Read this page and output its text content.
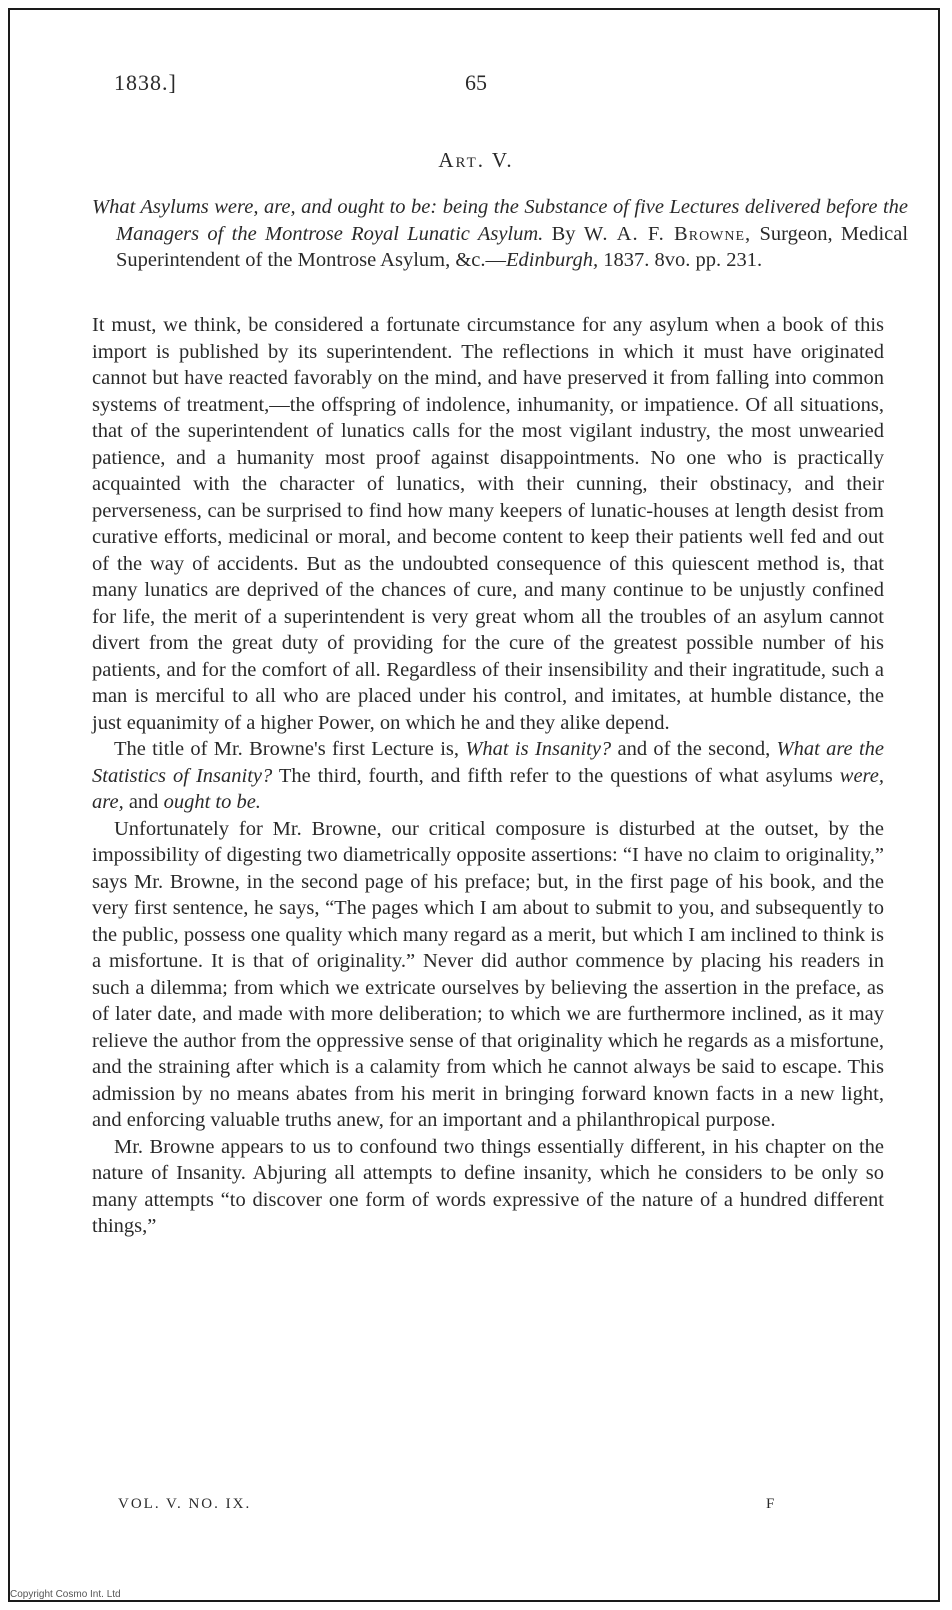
1838.]	65
Art. V.
What Asylums were, are, and ought to be: being the Substance of five Lectures delivered before the Managers of the Montrose Royal Lunatic Asylum. By W. A. F. Browne, Surgeon, Medical Superintendent of the Montrose Asylum, &c.—Edinburgh, 1837. 8vo. pp. 231.

It must, we think, be considered a fortunate circumstance for any asylum when a book of this import is published by its superintendent. The reflections in which it must have originated cannot but have reacted favorably on the mind, and have preserved it from falling into common systems of treatment,—the offspring of indolence, inhumanity, or impatience. Of all situations, that of the superintendent of lunatics calls for the most vigilant industry, the most unwearied patience, and a humanity most proof against disappointments. No one who is practically acquainted with the character of lunatics, with their cunning, their obstinacy, and their perverseness, can be surprised to find how many keepers of lunatic-houses at length desist from curative efforts, medicinal or moral, and become content to keep their patients well fed and out of the way of accidents. But as the undoubted consequence of this quiescent method is, that many lunatics are deprived of the chances of cure, and many continue to be unjustly confined for life, the merit of a superintendent is very great whom all the troubles of an asylum cannot divert from the great duty of providing for the cure of the greatest possible number of his patients, and for the comfort of all. Regardless of their insensibility and their ingratitude, such a man is merciful to all who are placed under his control, and imitates, at humble distance, the just equanimity of a higher Power, on which he and they alike depend.

The title of Mr. Browne's first Lecture is, What is Insanity? and of the second, What are the Statistics of Insanity? The third, fourth, and fifth refer to the questions of what asylums were, are, and ought to be.

Unfortunately for Mr. Browne, our critical composure is disturbed at the outset, by the impossibility of digesting two diametrically opposite assertions: “I have no claim to originality,” says Mr. Browne, in the second page of his preface; but, in the first page of his book, and the very first sentence, he says, “The pages which I am about to submit to you, and subsequently to the public, possess one quality which many regard as a merit, but which I am inclined to think is a misfortune. It is that of originality.” Never did author commence by placing his readers in such a dilemma; from which we extricate ourselves by believing the assertion in the preface, as of later date, and made with more deliberation; to which we are furthermore inclined, as it may relieve the author from the oppressive sense of that originality which he regards as a misfortune, and the straining after which is a calamity from which he cannot always be said to escape. This admission by no means abates from his merit in bringing forward known facts in a new light, and enforcing valuable truths anew, for an important and a philanthropical purpose.

Mr. Browne appears to us to confound two things essentially different, in his chapter on the nature of Insanity. Abjuring all attempts to define insanity, which he considers to be only so many attempts “to discover one form of words expressive of the nature of a hundred different things,”

VOL. V. NO. IX.	F
Copyright Cosmo Int. Ltd
